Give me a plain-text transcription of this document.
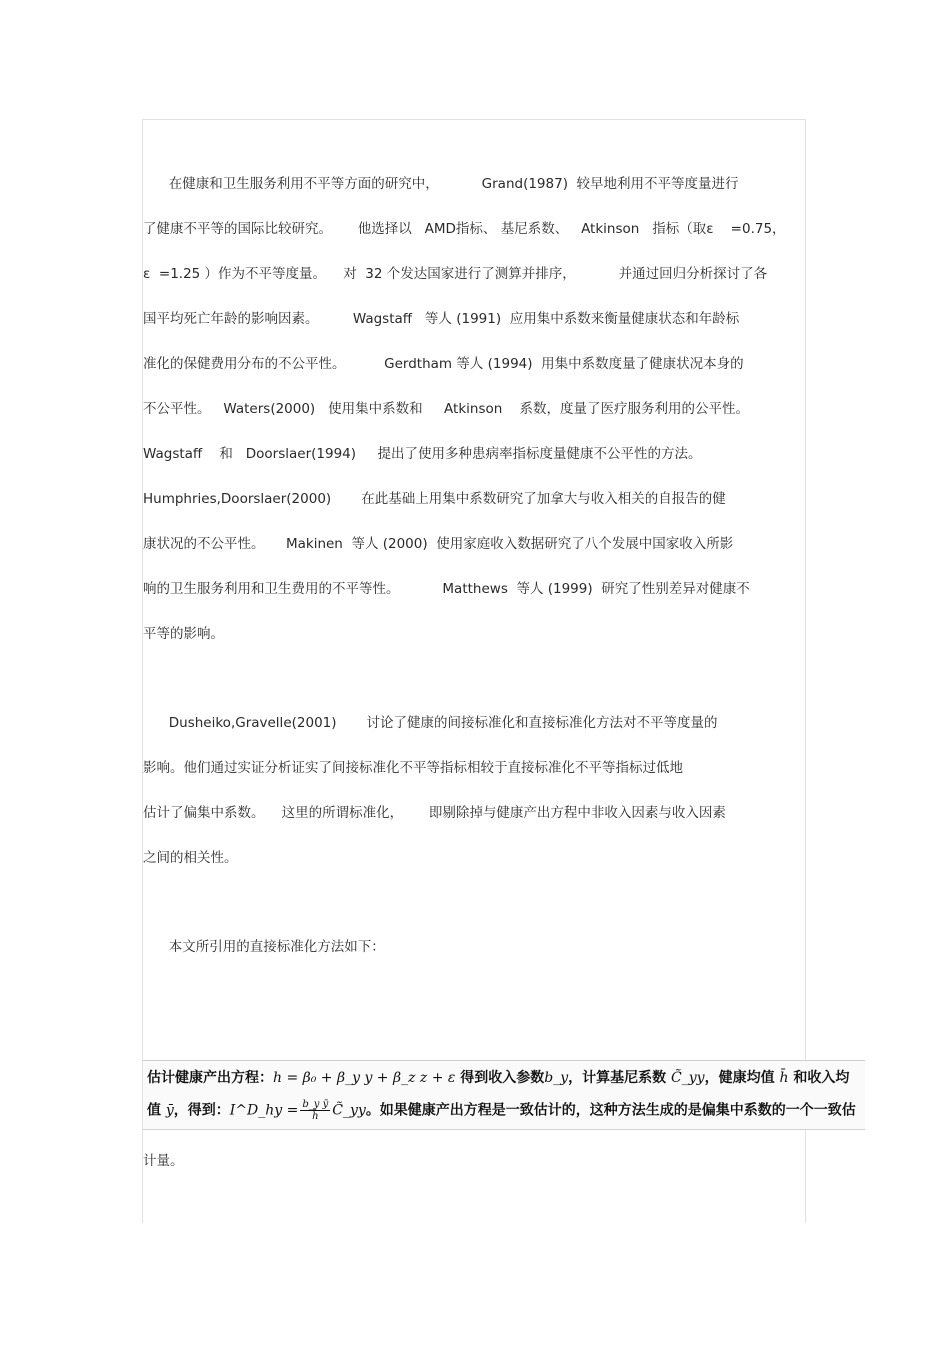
在健康和卫生服务利用不平等方面的研究中，          Grand(1987)  较早地利用不平等度量进行
了健康不平等的国际比较研究。      他选择以   AMD指标、 基尼系数、   Atkinson   指标（取ε    =0.75，
ε  =1.25 ）作为不平等度量。    对  32 个发达国家进行了测算并排序，          并通过回归分析探讨了各
国平均死亡年龄的影响因素。        Wagstaff   等人 (1991)  应用集中系数来衡量健康状态和年龄标
准化的保健费用分布的不公平性。         Gerdtham 等人 (1994)  用集中系数度量了健康状况本身的
不公平性。   Waters(2000)   使用集中系数和     Atkinson    系数，度量了医疗服务利用的公平性。
Wagstaff    和   Doorslaer(1994)     提出了使用多种患病率指标度量健康不公平性的方法。
Humphries,Doorslaer(2000)       在此基础上用集中系数研究了加拿大与收入相关的自报告的健
康状况的不公平性。     Makinen  等人 (2000)  使用家庭收入数据研究了八个发展中国家收入所影
响的卫生服务利用和卫生费用的不平等性。          Matthews  等人 (1999)  研究了性别差异对健康不
平等的影响。
Dusheiko,Gravelle(2001)       讨论了健康的间接标准化和直接标准化方法对不平等度量的
影响。他们通过实证分析证实了间接标准化不平等指标相较于直接标准化不平等指标过低地
估计了偏集中系数。    这里的所谓标准化，      即剔除掉与健康产出方程中非收入因素与收入因素
之间的相关性。
本文所引用的直接标准化方法如下：
估计健康产出方程：h = β₀ + β_y y + β_z z + ε 得到收入参数b_y，计算基尼系数 C̃_yy，健康均值 h̄ 和收入均
值 ȳ，得到：I^D_hy = $\frac{\text{b\_y ȳ}}{h̄}$ C̃_yy。如果健康产出方程是一致估计的，这种方法生成的是偏集中系数的一个一致估
计量。
